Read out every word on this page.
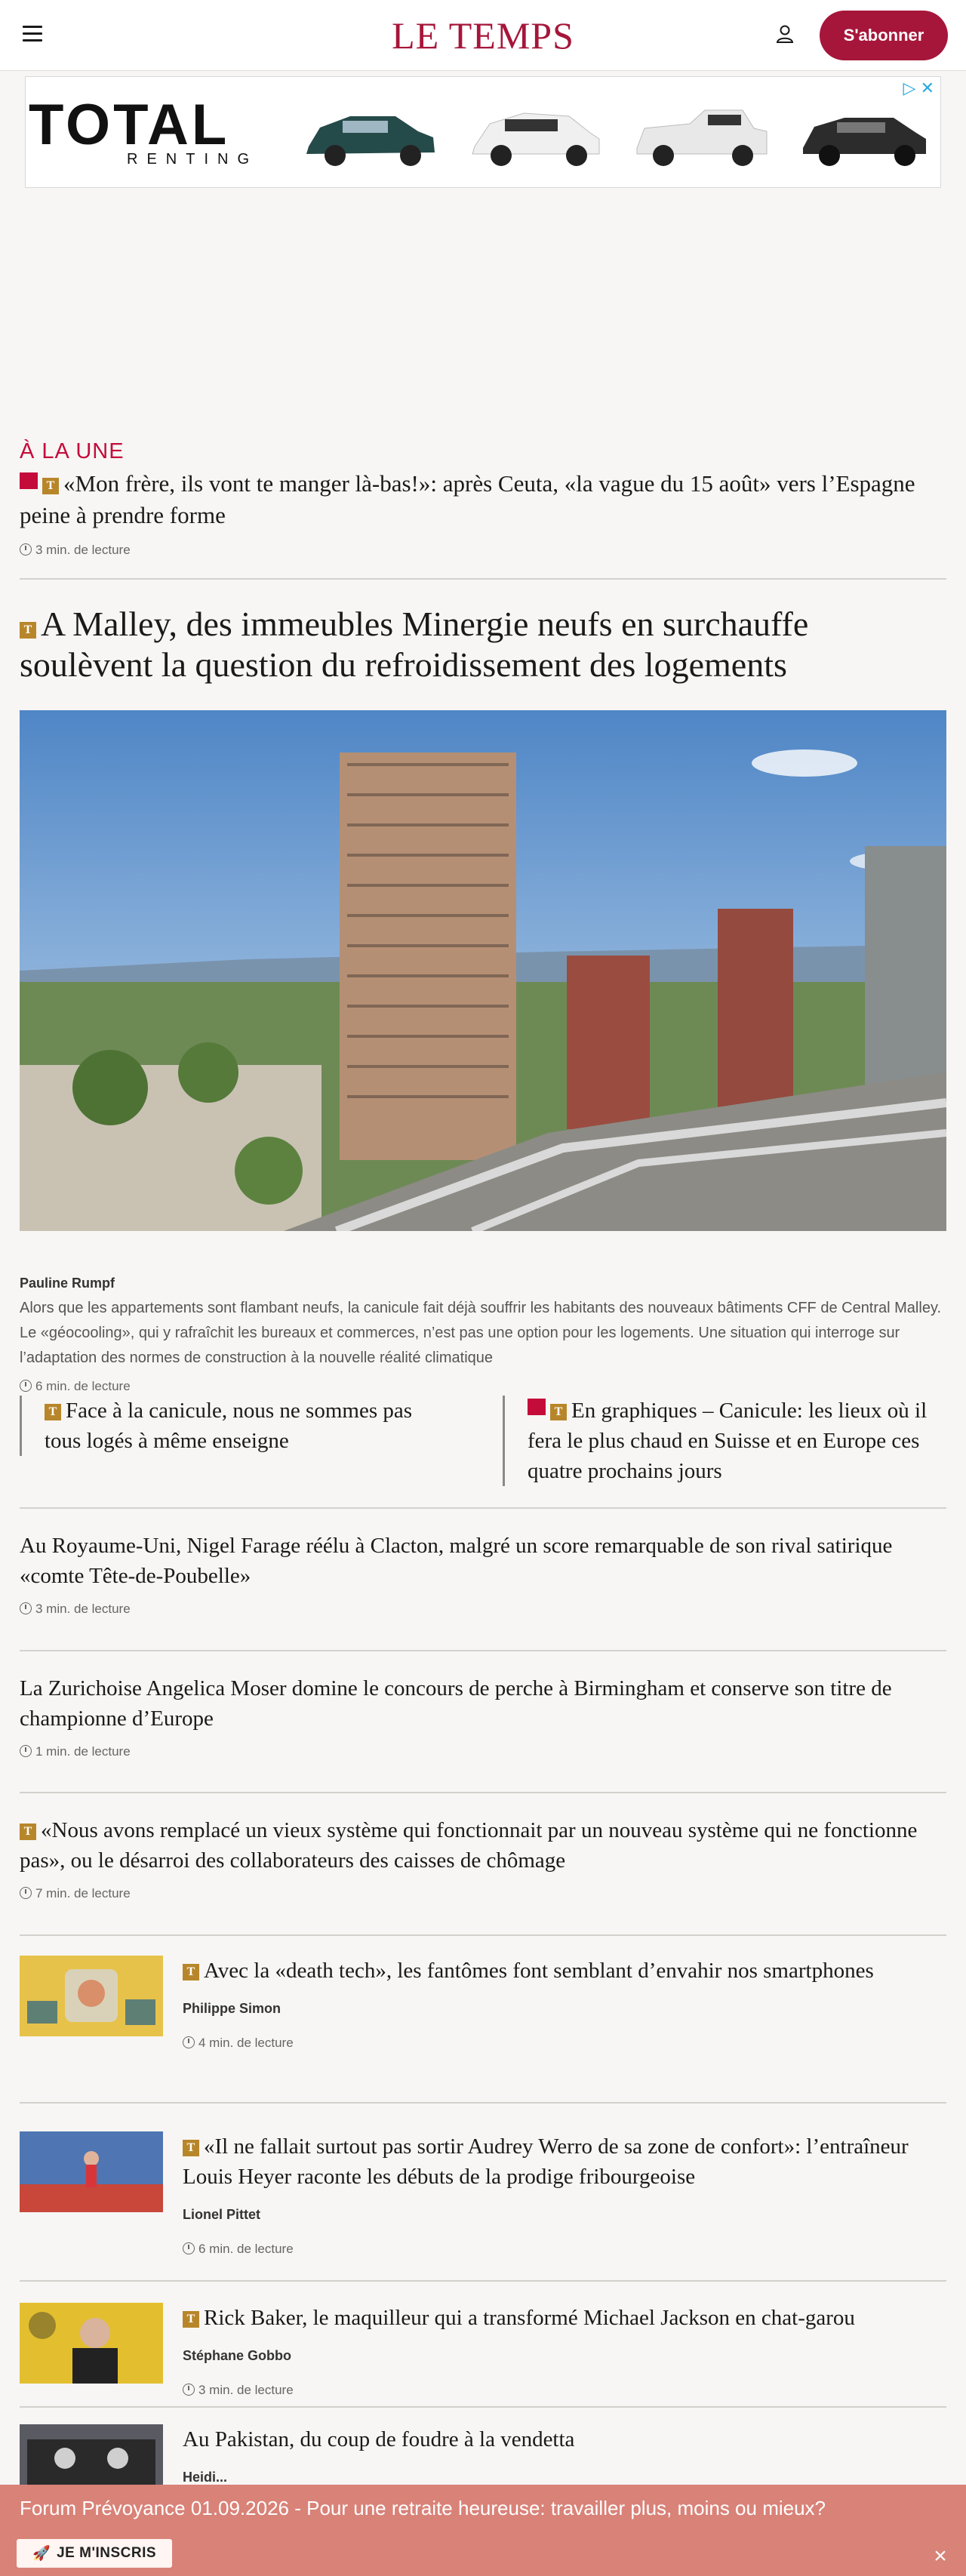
LE TEMPS	S'abonner
TOTAL
RENTING
▷ ✕
À LA UNE
T «Mon frère, ils vont te manger là-bas!»: après Ceuta, «la vague du 15 août» vers l’Espagne peine à prendre forme
3 min. de lecture
T A Malley, des immeubles Minergie neufs en surchauffe soulèvent la question du refroidissement des logements
Pauline Rumpf
Alors que les appartements sont flambant neufs, la canicule fait déjà souffrir les habitants des nouveaux bâtiments CFF de Central Malley. Le «géocooling», qui y rafraîchit les bureaux et commerces, n’est pas une option pour les logements. Une situation qui interroge sur l’adaptation des normes de construction à la nouvelle réalité climatique
6 min. de lecture
T Face à la canicule, nous ne sommes pas tous logés à même enseigne
T En graphiques – Canicule: les lieux où il fera le plus chaud en Suisse et en Europe ces quatre prochains jours
Au Royaume-Uni, Nigel Farage réélu à Clacton, malgré un score remarquable de son rival satirique «comte Tête-de-Poubelle»
3 min. de lecture
La Zurichoise Angelica Moser domine le concours de perche à Birmingham et conserve son titre de championne d’Europe
1 min. de lecture
T «Nous avons remplacé un vieux système qui fonctionnait par un nouveau système qui ne fonctionne pas», ou le désarroi des collaborateurs des caisses de chômage
7 min. de lecture
T Avec la «death tech», les fantômes font semblant d’envahir nos smartphones
Philippe Simon
4 min. de lecture
T «Il ne fallait surtout pas sortir Audrey Werro de sa zone de confort»: l’entraîneur Louis Heyer raconte les débuts de la prodige fribourgeoise
Lionel Pittet
6 min. de lecture
T Rick Baker, le maquilleur qui a transformé Michael Jackson en chat-garou
Stéphane Gobbo
3 min. de lecture
Au Pakistan, du coup de foudre à la vendetta
Heidi...
Forum Prévoyance 01.09.2026 - Pour une retraite heureuse: travailler plus, moins ou mieux?
🚀 JE M'INSCRIS	×
